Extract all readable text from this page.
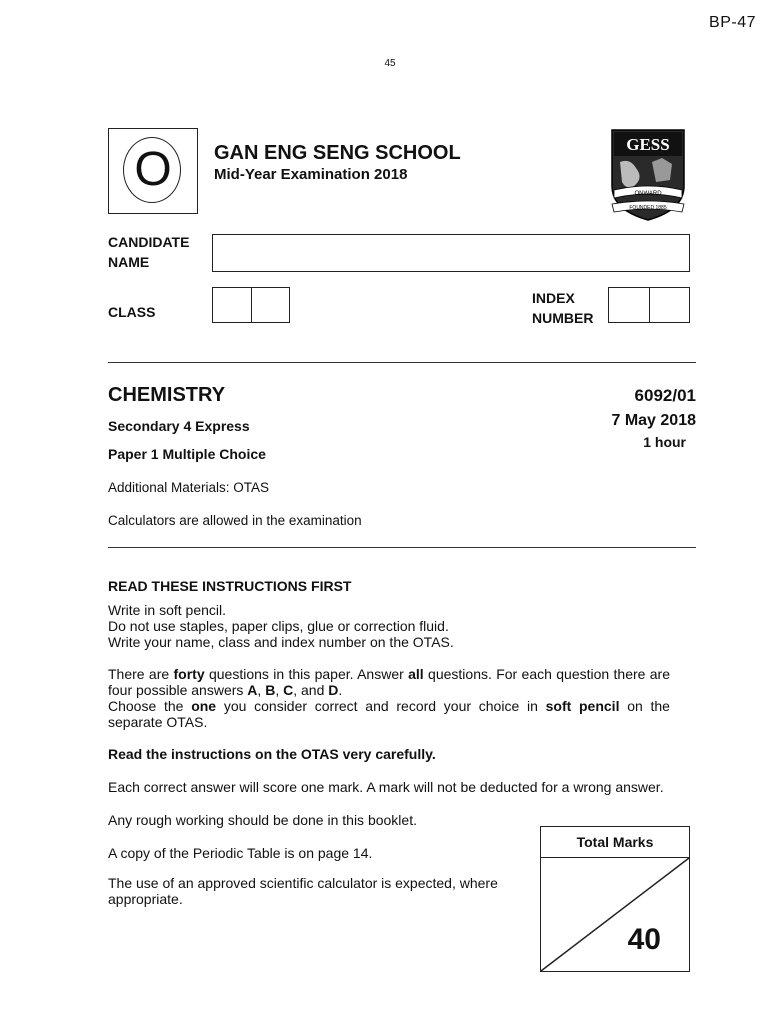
BP-47
45
O	GAN ENG SENG SCHOOL
Mid-Year Examination 2018
GESS
ONWARD
FOUNDED 1885
CANDIDATE
NAME
CLASS
INDEX
NUMBER
CHEMISTRY	6092/01
Secondary 4 Express	7 May 2018
1 hour
Paper 1 Multiple Choice
Additional Materials: OTAS
Calculators are allowed in the examination

READ THESE INSTRUCTIONS FIRST

Write in soft pencil.

Do not use staples, paper clips, glue or correction fluid.

Write your name, class and index number on the OTAS.

There are forty questions in this paper. Answer all questions. For each question there are four possible answers A, B, C, and D.

Choose the one you consider correct and record your choice in soft pencil on the separate OTAS.

Read the instructions on the OTAS very carefully.

Each correct answer will score one mark. A mark will not be deducted for a wrong answer.

Any rough working should be done in this booklet.

A copy of the Periodic Table is on page 14.

The use of an approved scientific calculator is expected, where appropriate.

Total Marks
40
